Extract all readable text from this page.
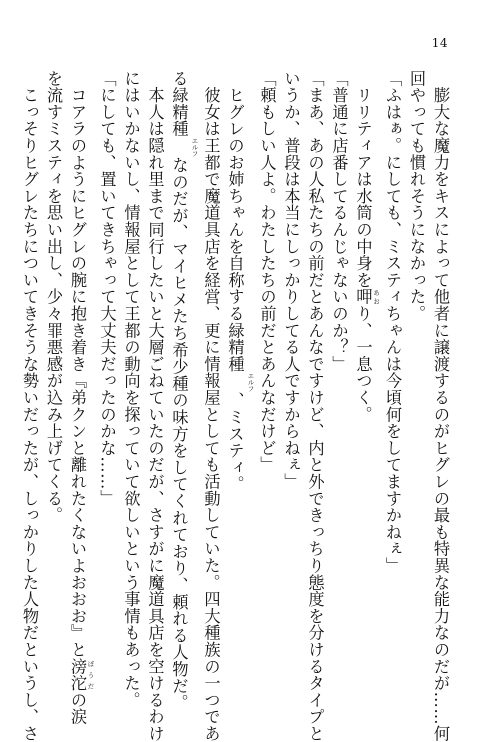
14
　膨大な魔力をキスによって他者に譲渡するのがヒグレの最も特異な能力なのだが……何
回やっても慣れそうになかった。
「ふはぁ。にしても、ミスティちゃんは今頃何をしてますかねぇ」
　リリティアは水筒の中身を呷 あおり、一息つく。
「普通に店番してるんじゃないのか？」
「まあ、あの人私たちの前だとあんなですけど、内と外できっちり態度を分けるタイプと
いうか、普段は本当にしっかりしてる人ですからねぇ」
「頼もしい人よ。わたしたちの前だとあんなだけど」
　ヒグレのお姉ちゃんを自称する緑精種エルフ、ミスティ。
　彼女は王都で魔道具店を経営、更に情報屋としても活動していた。四大種族の一つであ
る緑精種エルフなのだが、マイヒメたち希少種の味方をしてくれており、頼れる人物だ。
　本人は隠れ里まで同行したいと大層ごねていたのだが、さすがに魔道具店を空けるわけ
にはいかないし、情報屋として王都の動向を探っていて欲しいという事情もあった。
「にしても、置いてきちゃって大丈夫だったのかな……」
　コアラのようにヒグレの腕に抱き着き『弟クンと離れたくないよおおお』と滂沱 ぼうだの涙
を流すミスティを思い出し、少々罪悪感が込み上げてくる。
　こっそりヒグレたちについてきそうな勢いだったが、しっかりした人物だというし、さ
